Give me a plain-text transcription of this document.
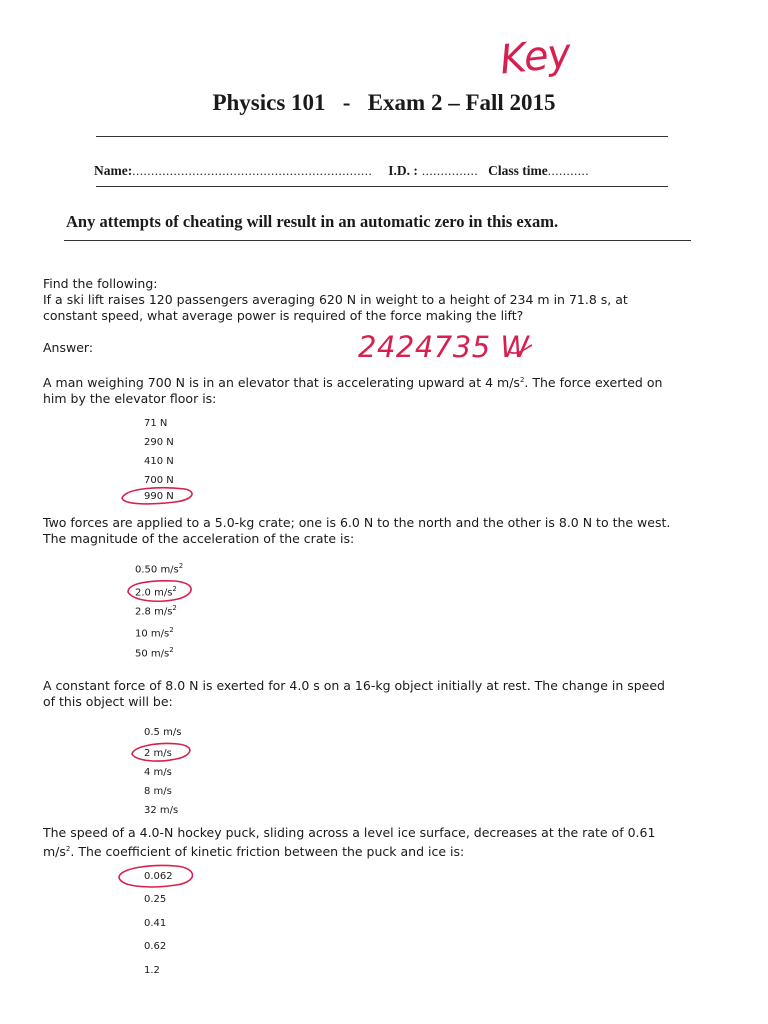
Key
Physics 101   -   Exam 2 – Fall 2015
Name:................................................................ I.D. : ............... Class time...........
Any attempts of cheating will result in an automatic zero in this exam.
Find the following:
If a ski lift raises 120 passengers averaging 620 N in weight to a height of 234 m in 71.8 s, at
constant speed, what average power is required of the force making the lift?
Answer:	2424735 W
A man weighing 700 N is in an elevator that is accelerating upward at 4 $m/s^2$. The force exerted on
him by the elevator floor is:
71 N
290 N
410 N
700 N
990 N
Two forces are applied to a 5.0-kg crate; one is 6.0 N to the north and the other is 8.0 N to the west.
The magnitude of the acceleration of the crate is:
0.50 $m/s^2$
2.0 $m/s^2$
2.8 $m/s^2$
10 $m/s^2$
50 $m/s^2$
A constant force of 8.0 N is exerted for 4.0 s on a 16-kg object initially at rest. The change in speed
of this object will be:
0.5 m/s
2 m/s
4 m/s
8 m/s
32 m/s
The speed of a 4.0-N hockey puck, sliding across a level ice surface, decreases at the rate of 0.61
$m/s^2$. The coefficient of kinetic friction between the puck and ice is:
0.062
0.25
0.41
0.62
1.2
